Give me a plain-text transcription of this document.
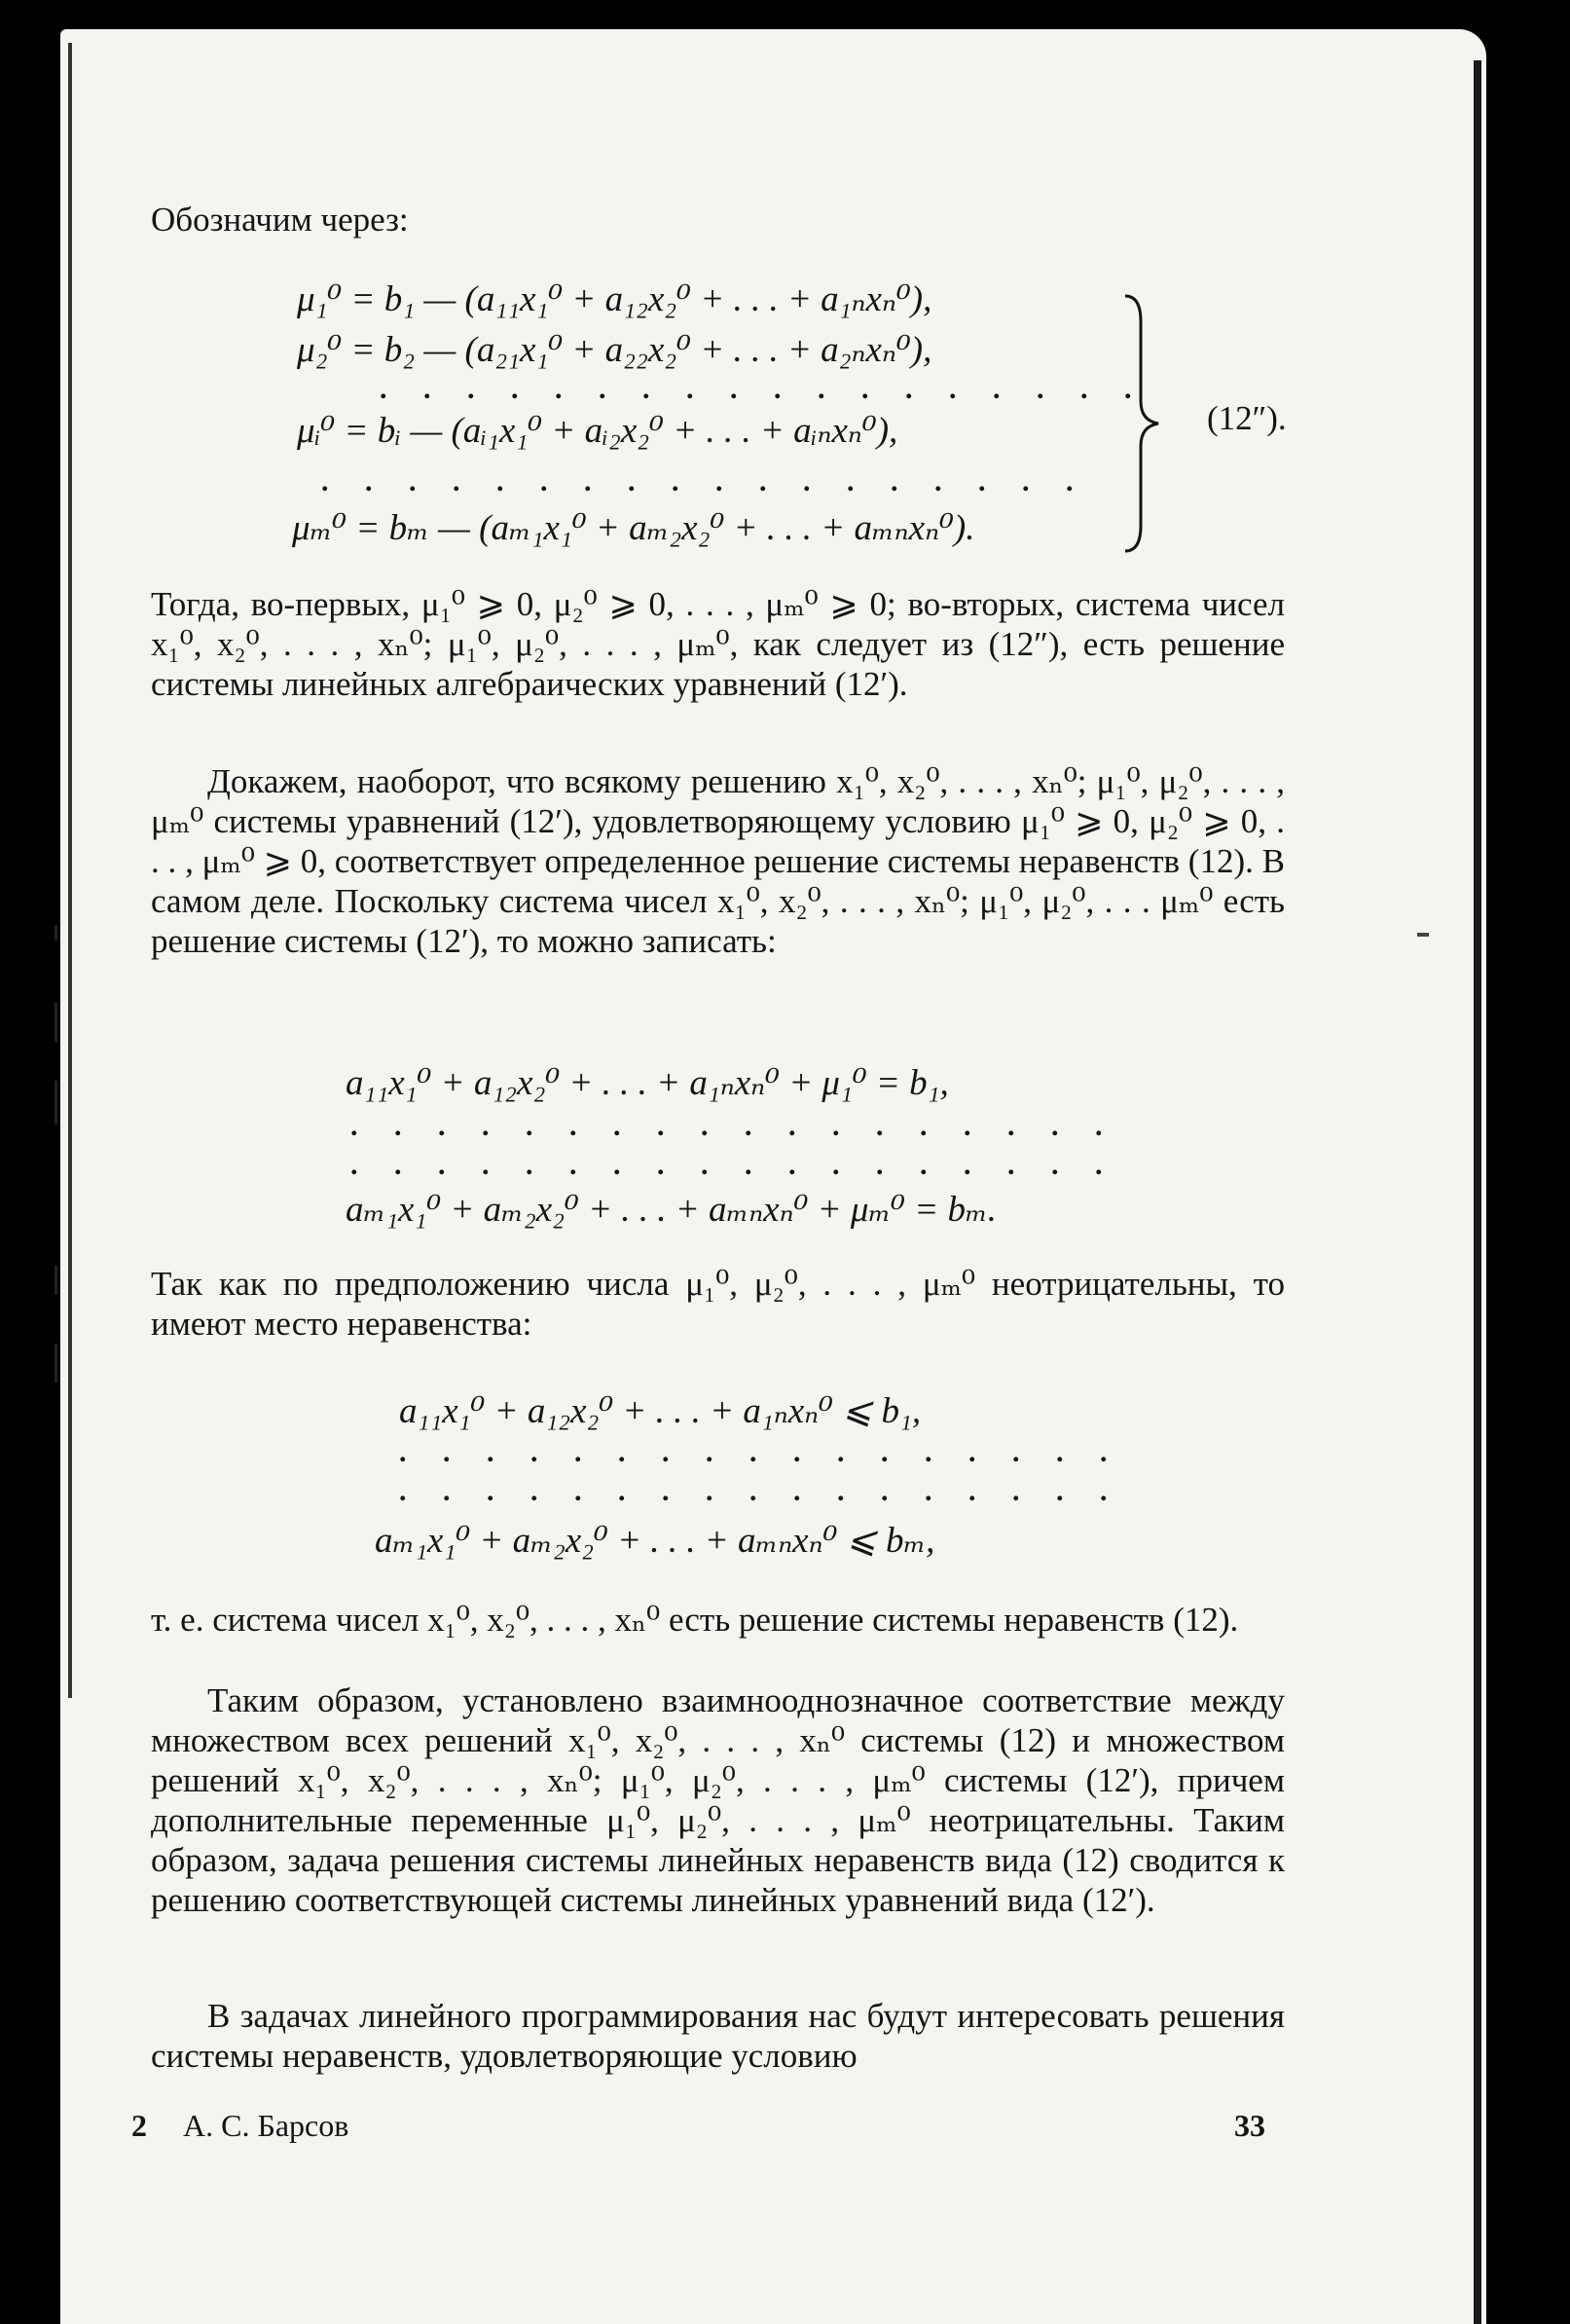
Обозначим через:

μ₁⁰ = b₁ — (a₁₁x₁⁰ + a₁₂x₂⁰ + . . . + a₁ₙxₙ⁰),
μ₂⁰ = b₂ — (a₂₁x₁⁰ + a₂₂x₂⁰ + . . . + a₂ₙxₙ⁰),
. . . . . . . . . . . . . . . . . .
μᵢ⁰ = bᵢ — (aᵢ₁x₁⁰ + aᵢ₂x₂⁰ + . . . + aᵢₙxₙ⁰),
. . . . . . . . . . . . . . . . . .
μₘ⁰ = bₘ — (aₘ₁x₁⁰ + aₘ₂x₂⁰ + . . . + aₘₙxₙ⁰).
(12″).

Тогда, во-первых, μ₁⁰ ⩾ 0, μ₂⁰ ⩾ 0, . . . , μₘ⁰ ⩾ 0; во-вторых, система чисел x₁⁰, x₂⁰, . . . , xₙ⁰; μ₁⁰, μ₂⁰, . . . , μₘ⁰, как следует из (12″), есть решение системы линейных алгебраических уравнений (12′).

Докажем, наоборот, что всякому решению x₁⁰, x₂⁰, . . . , xₙ⁰; μ₁⁰, μ₂⁰, . . . , μₘ⁰ системы уравнений (12′), удовлетворяющему условию μ₁⁰ ⩾ 0, μ₂⁰ ⩾ 0, . . . , μₘ⁰ ⩾ 0, соответствует определенное решение системы неравенств (12). В самом деле. Поскольку система чисел x₁⁰, x₂⁰, . . . , xₙ⁰; μ₁⁰, μ₂⁰, . . . μₘ⁰ есть решение системы (12′), то можно записать:

a₁₁x₁⁰ + a₁₂x₂⁰ + . . . + a₁ₙxₙ⁰ + μ₁⁰ = b₁,
. . . . . . . . . . . . . . . . . .
. . . . . . . . . . . . . . . . . .
aₘ₁x₁⁰ + aₘ₂x₂⁰ + . . . + aₘₙxₙ⁰ + μₘ⁰ = bₘ.

Так как по предположению числа μ₁⁰, μ₂⁰, . . . , μₘ⁰ неотрицательны, то имеют место неравенства:

a₁₁x₁⁰ + a₁₂x₂⁰ + . . . + a₁ₙxₙ⁰ ⩽ b₁,
. . . . . . . . . . . . . . . . .
. . . . . . . . . . . . . . . . .
aₘ₁x₁⁰ + aₘ₂x₂⁰ + . . . + aₘₙxₙ⁰ ⩽ bₘ,

т. е. система чисел x₁⁰, x₂⁰, . . . , xₙ⁰ есть решение системы неравенств (12).

Таким образом, установлено взаимнооднозначное соответствие между множеством всех решений x₁⁰, x₂⁰, . . . , xₙ⁰ системы (12) и множеством решений x₁⁰, x₂⁰, . . . , xₙ⁰; μ₁⁰, μ₂⁰, . . . , μₘ⁰ системы (12′), причем дополнительные переменные μ₁⁰, μ₂⁰, . . . , μₘ⁰ неотрицательны. Таким образом, задача решения системы линейных неравенств вида (12) сводится к решению соответствующей системы линейных уравнений вида (12′).

В задачах линейного программирования нас будут интересовать решения системы неравенств, удовлетворяющие условию

2 А. С. Барсов	33
